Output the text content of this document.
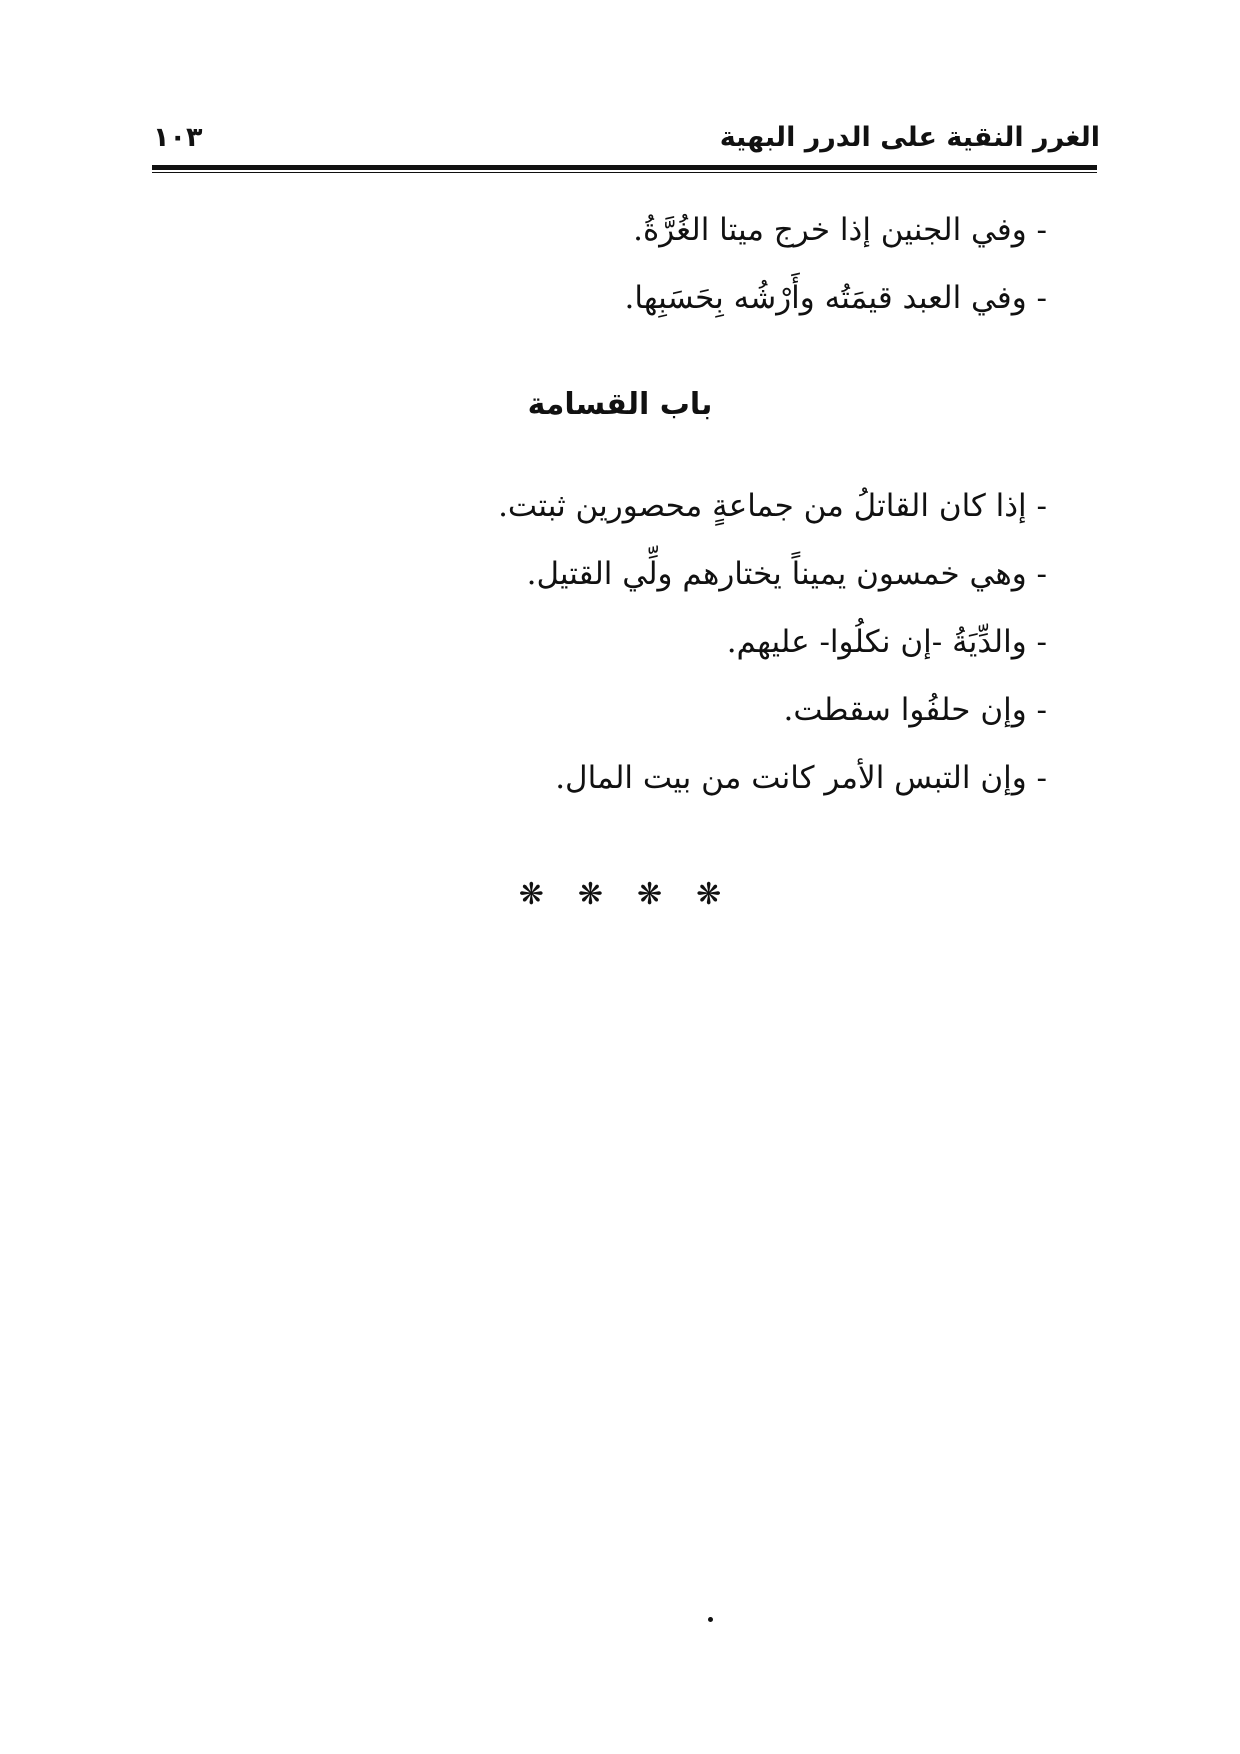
الغرر النقية على الدرر البهية
١٠٣
- وفي الجنين إذا خرج ميتا الغُرَّةُ.
- وفي العبد قيمَتُه وأَرْشُه بِحَسَبِها.
باب القسامة
- إذا كان القاتلُ من جماعةٍ محصورين ثبتت.
- وهي خمسون يميناً يختارهم ولِّي القتيل.
- والدِّيَةُ -إن نكلُوا- عليهم.
- وإن حلفُوا سقطت.
- وإن التبس الأمر كانت من بيت المال.
❋❋❋❋
